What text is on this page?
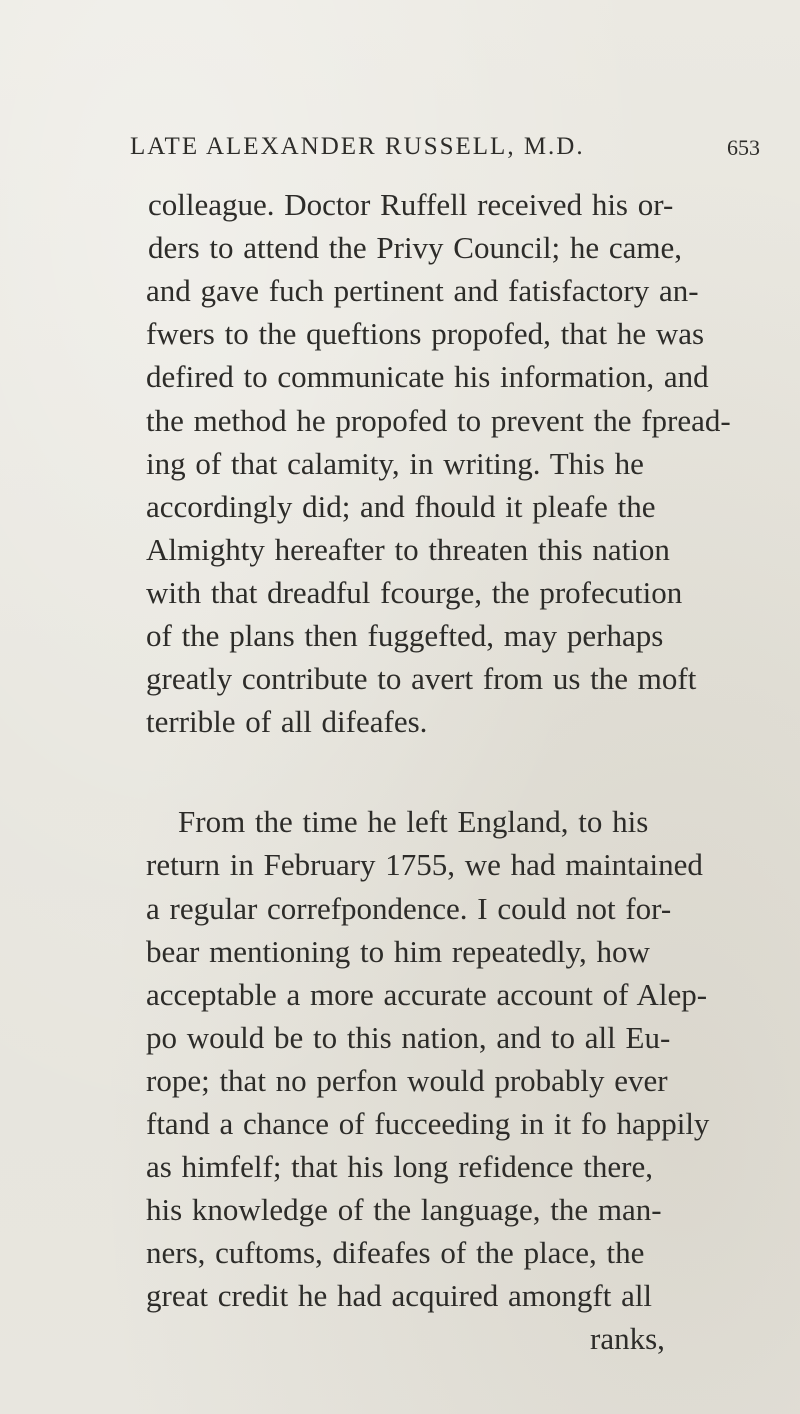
LATE ALEXANDER RUSSELL, M.D.	653
colleague. Doctor Ruffell received his or-
ders to attend the Privy Council; he came,
and gave fuch pertinent and fatisfactory an-
fwers to the queftions propofed, that he was
defired to communicate his information, and
the method he propofed to prevent the fpread-
ing of that calamity, in writing. This he
accordingly did; and fhould it pleafe the
Almighty hereafter to threaten this nation
with that dreadful fcourge, the profecution
of the plans then fuggefted, may perhaps
greatly contribute to avert from us the moft
terrible of all difeafes.
From the time he left England, to his
return in February 1755, we had maintained
a regular correfpondence. I could not for-
bear mentioning to him repeatedly, how
acceptable a more accurate account of Alep-
po would be to this nation, and to all Eu-
rope; that no perfon would probably ever
ftand a chance of fucceeding in it fo happily
as himfelf; that his long refidence there,
his knowledge of the language, the man-
ners, cuftoms, difeafes of the place, the
great credit he had acquired amongft all
ranks,
